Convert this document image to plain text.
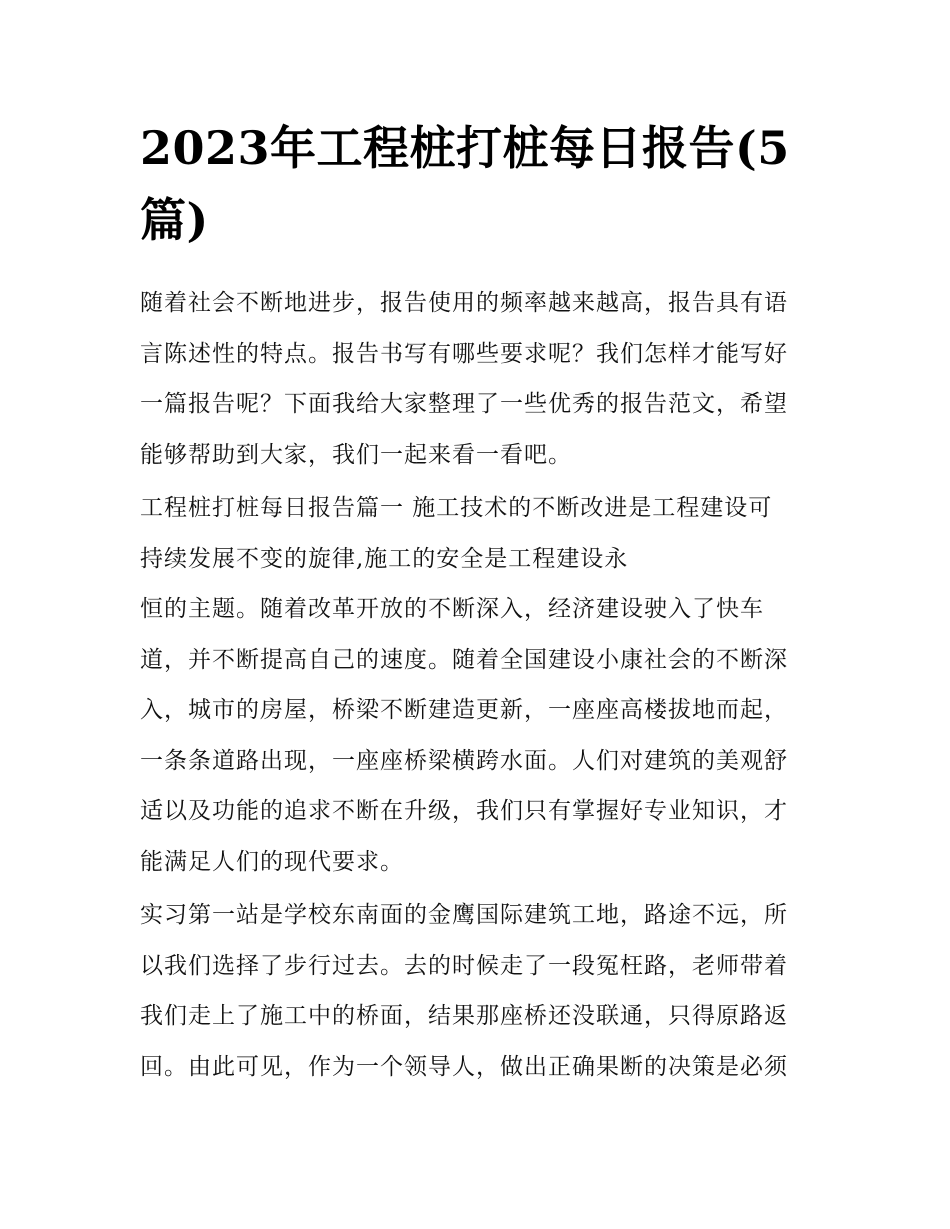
2023年工程桩打桩每日报告(5
篇)

随着社会不断地进步，报告使用的频率越来越高，报告具有语
言陈述性的特点。报告书写有哪些要求呢？我们怎样才能写好
一篇报告呢？下面我给大家整理了一些优秀的报告范文，希望
能够帮助到大家，我们一起来看一看吧。

工程桩打桩每日报告篇一 施工技术的不断改进是工程建设可
持续发展不变的旋律,施工的安全是工程建设永
恒的主题。随着改革开放的不断深入，经济建设驶入了快车
道，并不断提高自己的速度。随着全国建设小康社会的不断深
入，城市的房屋，桥梁不断建造更新，一座座高楼拔地而起，
一条条道路出现，一座座桥梁横跨水面。人们对建筑的美观舒
适以及功能的追求不断在升级，我们只有掌握好专业知识，才
能满足人们的现代要求。

实习第一站是学校东南面的金鹰国际建筑工地，路途不远，所
以我们选择了步行过去。去的时候走了一段冤枉路，老师带着
我们走上了施工中的桥面，结果那座桥还没联通，只得原路返
回。由此可见，作为一个领导人，做出正确果断的决策是必须
